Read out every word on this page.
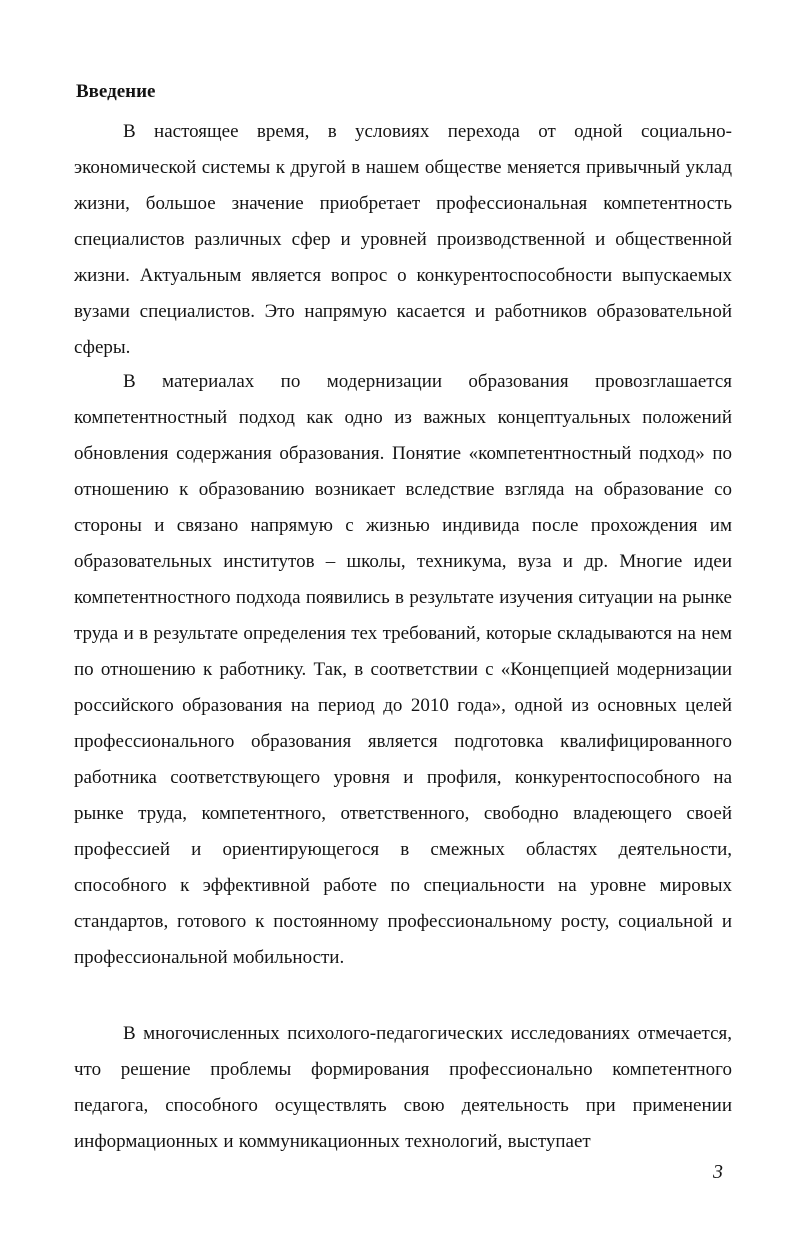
Введение

В настоящее время, в условиях перехода от одной социально-экономической системы к другой в нашем обществе меняется привычный уклад жизни, большое значение приобретает профессиональная компетентность специалистов различных сфер и уровней производственной и общественной жизни. Актуальным является вопрос о конкурентоспособности выпускаемых вузами специалистов. Это напрямую касается и работников образовательной сферы.

В материалах по модернизации образования провозглашается компетентностный подход как одно из важных концептуальных положений обновления содержания образования. Понятие «компетентностный подход» по отношению к образованию возникает вследствие взгляда на образование со стороны и связано напрямую с жизнью индивида после прохождения им образовательных институтов – школы, техникума, вуза и др. Многие идеи компетентностного подхода появились в результате изучения ситуации на рынке труда и в результате определения тех требований, которые складываются на нем по отношению к работнику. Так, в соответствии с «Концепцией модернизации российского образования на период до 2010 года», одной из основных целей профессионального образования является подготовка квалифицированного работника соответствующего уровня и профиля, конкурентоспособного на рынке труда, компетентного, ответственного, свободно владеющего своей профессией и ориентирующегося в смежных областях деятельности, способного к эффективной работе по специальности на уровне мировых стандартов, готового к постоянному профессиональному росту, социальной и профессиональной мобильности.

В многочисленных психолого-педагогических исследованиях отмечается, что решение проблемы формирования профессионально компетентного педагога, способного осуществлять свою деятельность при применении информационных и коммуникационных технологий, выступает

3
